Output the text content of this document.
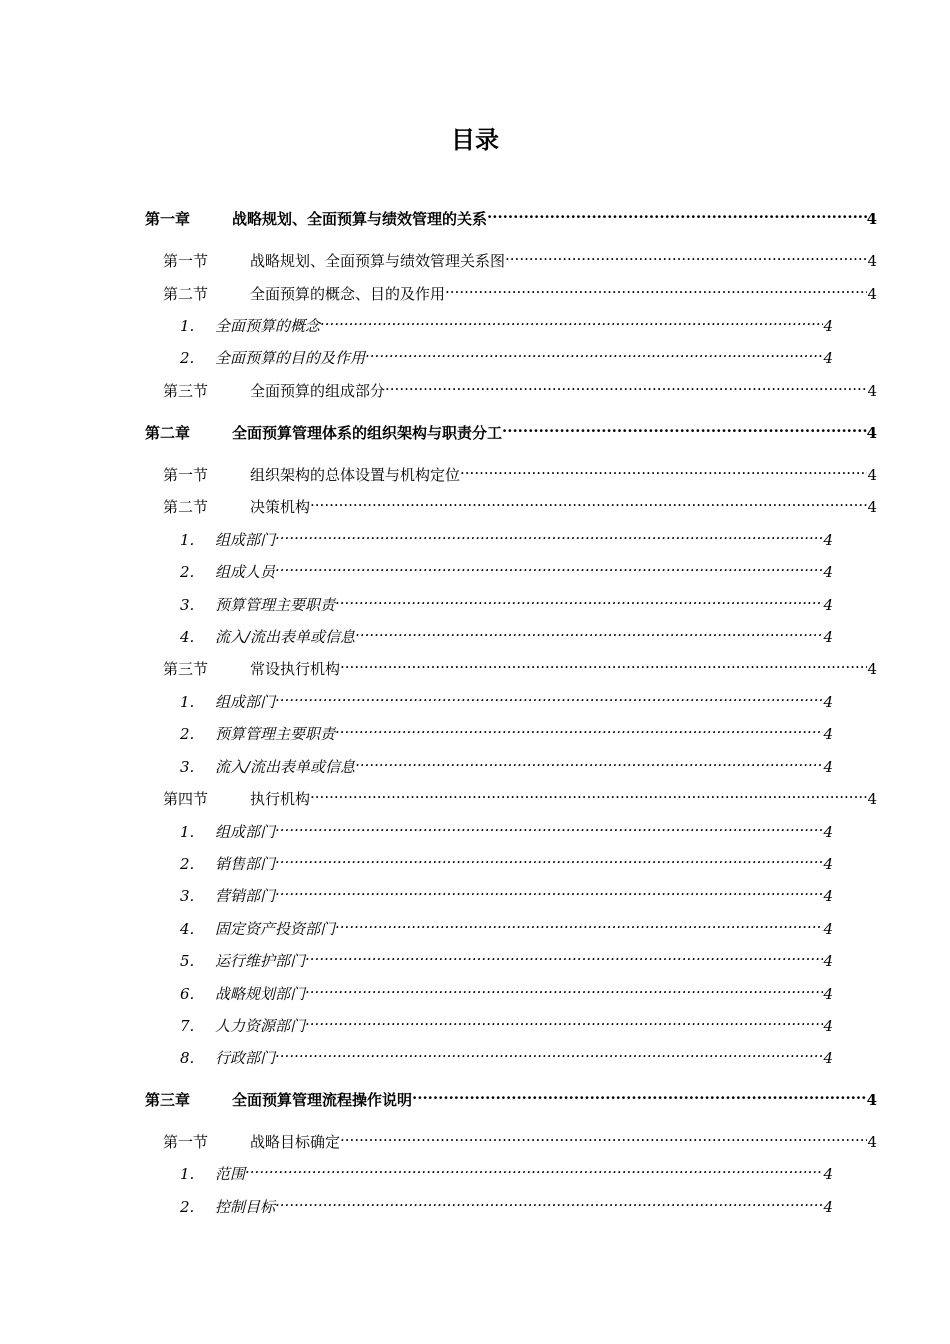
目录
第一章	战略规划、全面预算与绩效管理的关系 .....	4
第一节	战略规划、全面预算与绩效管理关系图 .....	4
第二节	全面预算的概念、目的及作用 .....	4
1.	全面预算的概念 .....	4
2.	全面预算的目的及作用 .....	4
第三节	全面预算的组成部分 .....	4
第二章	全面预算管理体系的组织架构与职责分工 .....	4
第一节	组织架构的总体设置与机构定位 .....	4
第二节	决策机构 .....	4
1.	组成部门 .....	4
2.	组成人员 .....	4
3.	预算管理主要职责 .....	4
4.	流入/流出表单或信息 .....	4
第三节	常设执行机构 .....	4
1.	组成部门 .....	4
2.	预算管理主要职责 .....	4
3.	流入/流出表单或信息 .....	4
第四节	执行机构 .....	4
1.	组成部门 .....	4
2.	销售部门 .....	4
3.	营销部门 .....	4
4.	固定资产投资部门 .....	4
5.	运行维护部门 .....	4
6.	战略规划部门 .....	4
7.	人力资源部门 .....	4
8.	行政部门 .....	4
第三章	全面预算管理流程操作说明 .....	4
第一节	战略目标确定 .....	4
1.	范围 .....	4
2.	控制目标 .....	4
